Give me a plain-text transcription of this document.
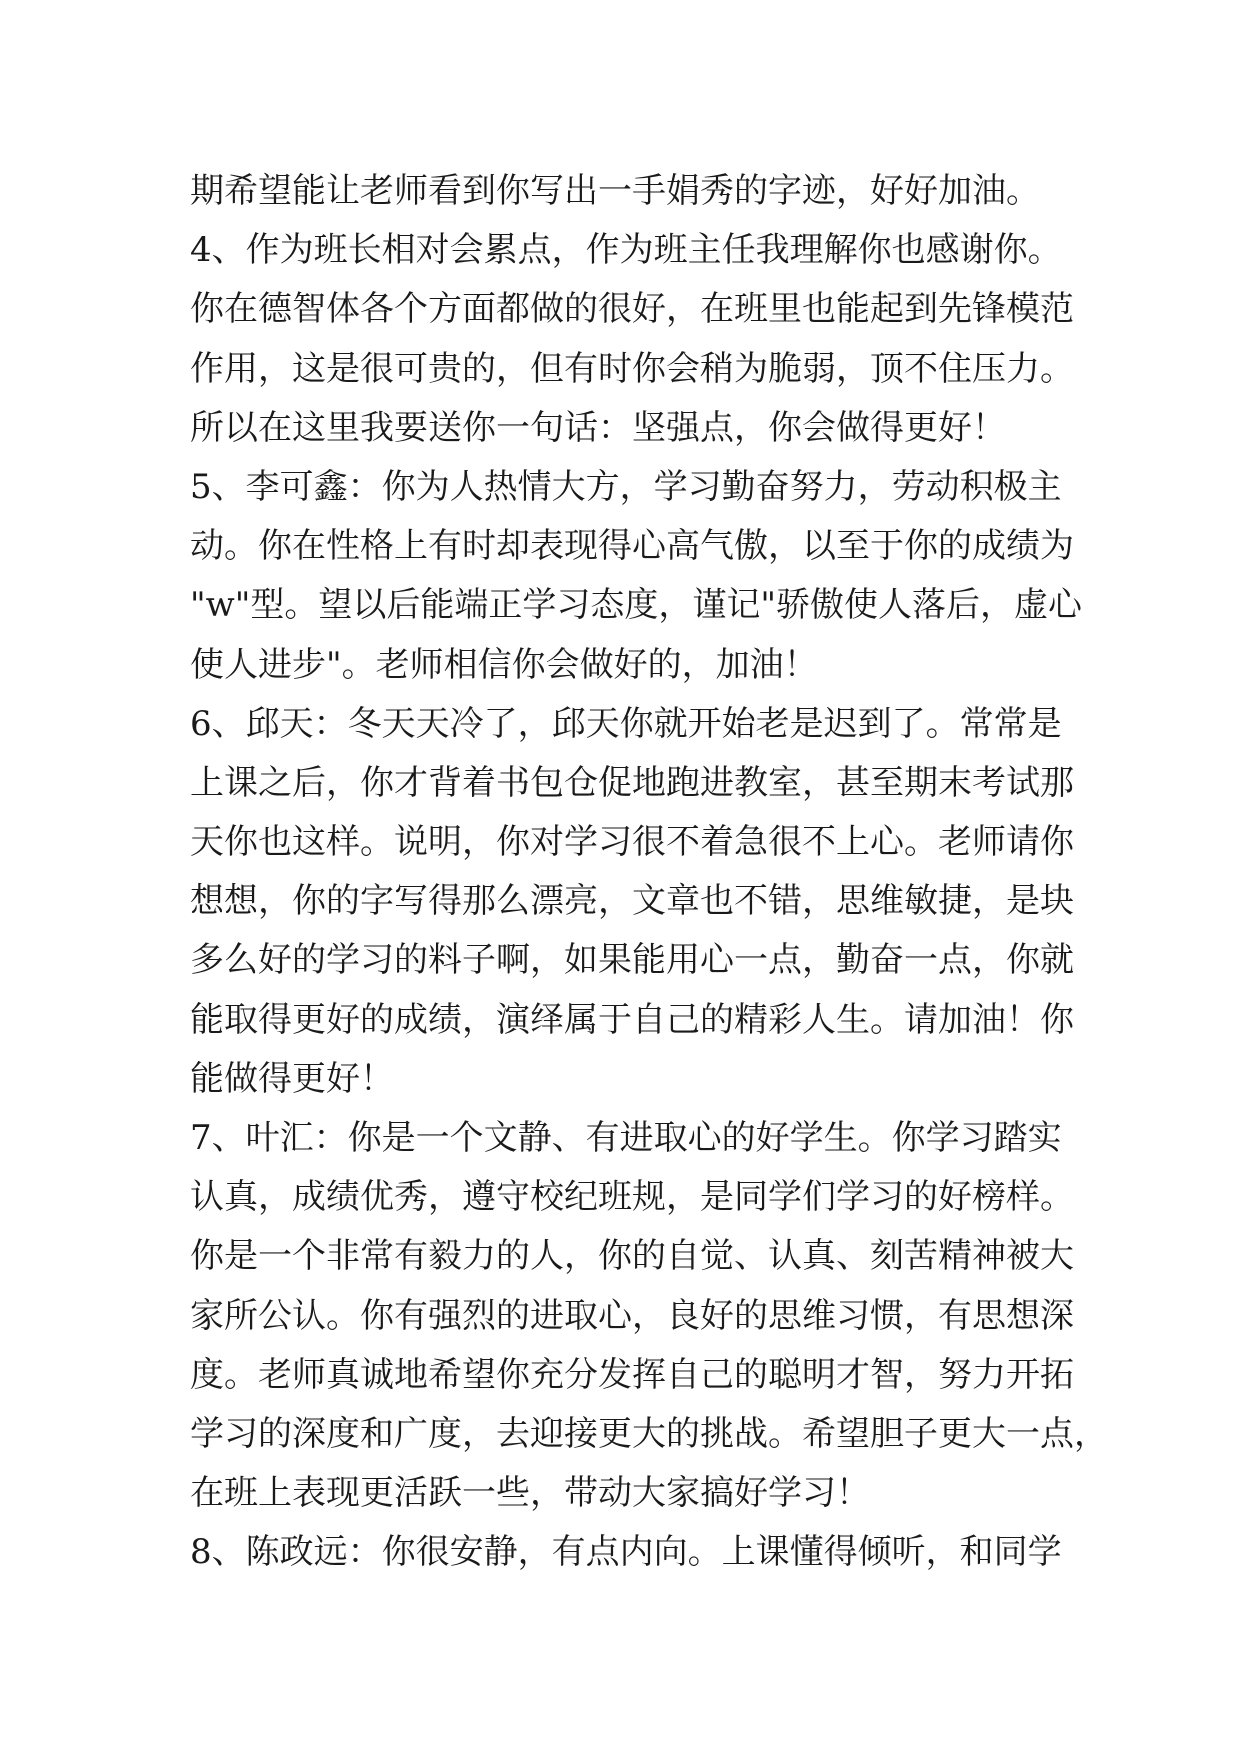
期希望能让老师看到你写出一手娟秀的字迹，好好加油。
4、作为班长相对会累点，作为班主任我理解你也感谢你。
你在德智体各个方面都做的很好，在班里也能起到先锋模范
作用，这是很可贵的，但有时你会稍为脆弱，顶不住压力。
所以在这里我要送你一句话：坚强点，你会做得更好！
5、李可鑫：你为人热情大方，学习勤奋努力，劳动积极主
动。你在性格上有时却表现得心高气傲，以至于你的成绩为
"w"型。望以后能端正学习态度，谨记"骄傲使人落后，虚心
使人进步"。老师相信你会做好的，加油！
6、邱天：冬天天冷了，邱天你就开始老是迟到了。常常是
上课之后，你才背着书包仓促地跑进教室，甚至期末考试那
天你也这样。说明，你对学习很不着急很不上心。老师请你
想想，你的字写得那么漂亮，文章也不错，思维敏捷，是块
多么好的学习的料子啊，如果能用心一点，勤奋一点，你就
能取得更好的成绩，演绎属于自己的精彩人生。请加油！你
能做得更好！
7、叶汇：你是一个文静、有进取心的好学生。你学习踏实
认真，成绩优秀，遵守校纪班规，是同学们学习的好榜样。
你是一个非常有毅力的人，你的自觉、认真、刻苦精神被大
家所公认。你有强烈的进取心，良好的思维习惯，有思想深
度。老师真诚地希望你充分发挥自己的聪明才智，努力开拓
学习的深度和广度，去迎接更大的挑战。希望胆子更大一点，
在班上表现更活跃一些，带动大家搞好学习！
8、陈政远：你很安静，有点内向。上课懂得倾听，和同学
